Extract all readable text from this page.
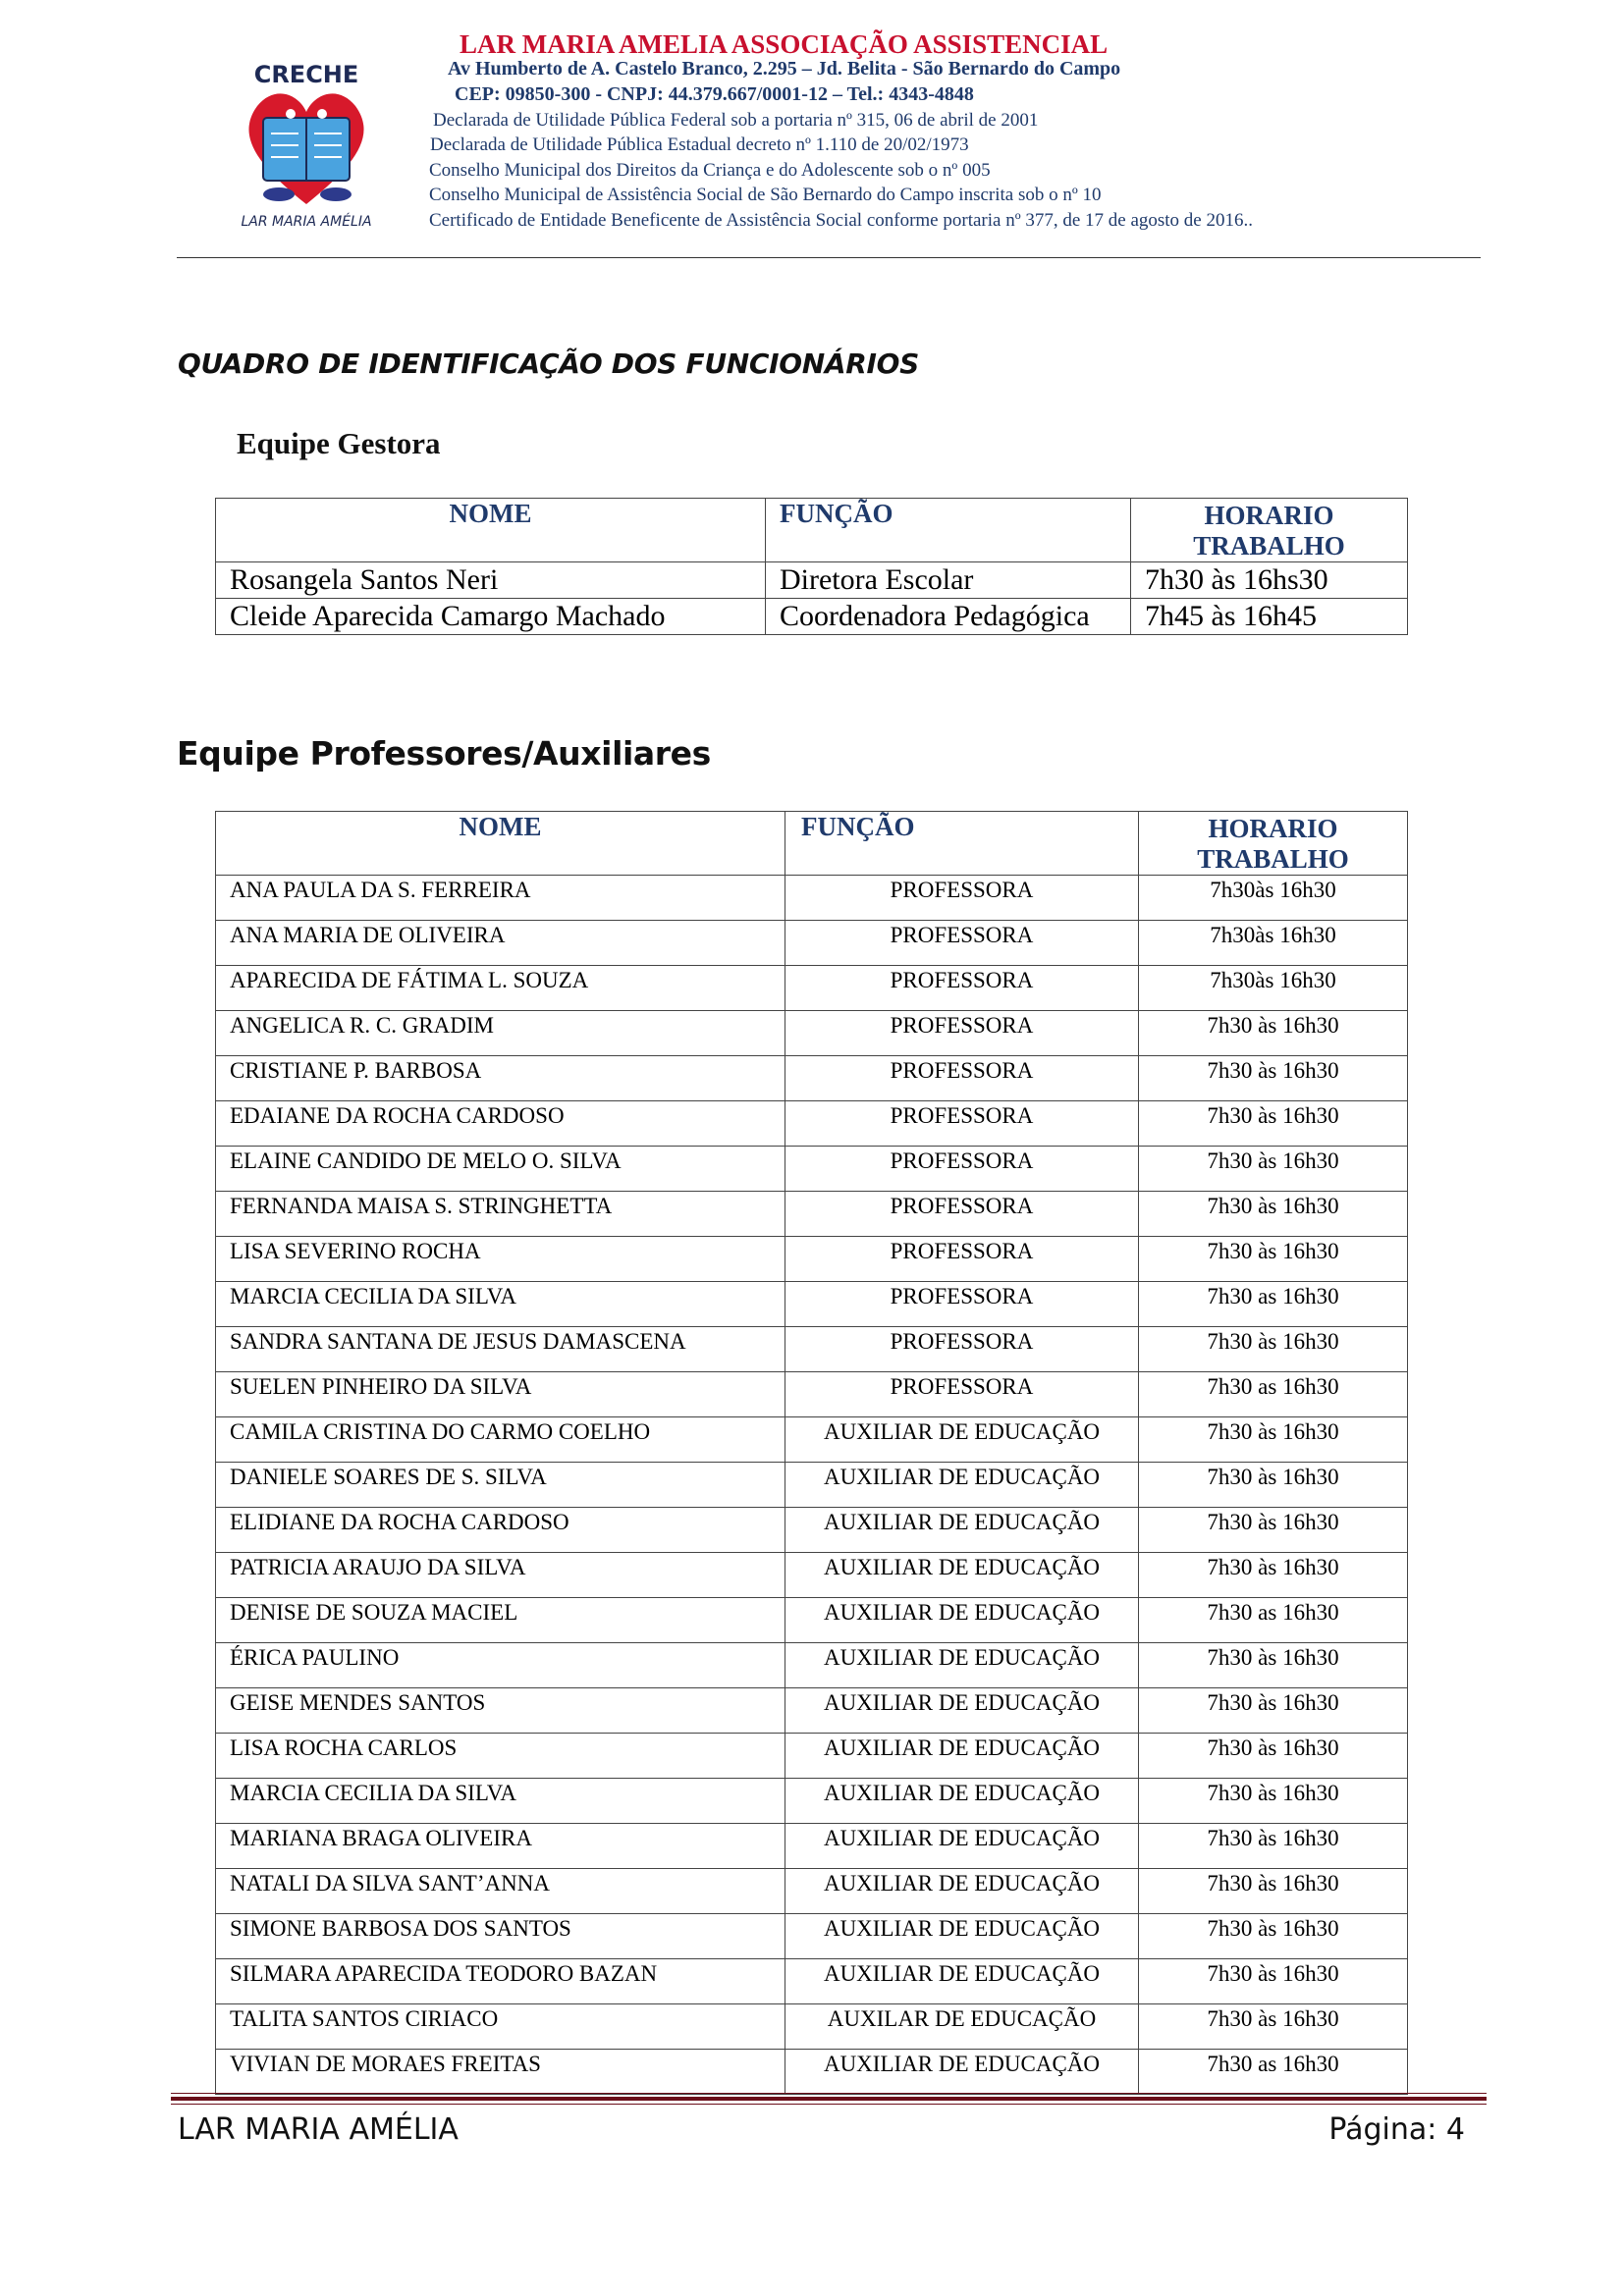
CRECHE
LAR MARIA AMÉLIA
LAR MARIA AMELIA ASSOCIAÇÃO ASSISTENCIAL
Av Humberto de A. Castelo Branco, 2.295 – Jd. Belita - São Bernardo do Campo
CEP: 09850-300 - CNPJ: 44.379.667/0001-12 – Tel.: 4343-4848
Declarada de Utilidade Pública Federal sob a portaria nº 315, 06 de abril de 2001
Declarada de Utilidade Pública Estadual decreto nº 1.110 de 20/02/1973
Conselho Municipal dos Direitos da Criança e do Adolescente sob o nº 005
Conselho Municipal de Assistência Social de São Bernardo do Campo inscrita sob o nº 10
Certificado de Entidade Beneficente de Assistência Social conforme portaria nº 377, de 17 de agosto de 2016..
QUADRO DE IDENTIFICAÇÃO DOS FUNCIONÁRIOS
Equipe Gestora
NOME	FUNÇÃO	HORARIO
TRABALHO

Rosangela Santos Neri	Diretora Escolar	7h30 às 16hs30
Cleide Aparecida Camargo Machado	Coordenadora Pedagógica	7h45 às 16h45
Equipe Professores/Auxiliares
NOME	FUNÇÃO	HORARIO
TRABALHO

ANA PAULA DA S. FERREIRA	PROFESSORA	7h30às 16h30
ANA MARIA DE OLIVEIRA	PROFESSORA	7h30às 16h30
APARECIDA DE FÁTIMA L. SOUZA	PROFESSORA	7h30às 16h30
ANGELICA R. C. GRADIM	PROFESSORA	7h30 às 16h30
CRISTIANE P. BARBOSA	PROFESSORA	7h30 às 16h30
EDAIANE DA ROCHA CARDOSO	PROFESSORA	7h30 às 16h30
ELAINE CANDIDO DE MELO O. SILVA	PROFESSORA	7h30 às 16h30
FERNANDA MAISA S. STRINGHETTA	PROFESSORA	7h30 às 16h30
LISA SEVERINO ROCHA	PROFESSORA	7h30 às 16h30
MARCIA CECILIA DA SILVA	PROFESSORA	7h30 as 16h30
SANDRA SANTANA DE JESUS DAMASCENA	PROFESSORA	7h30 às 16h30
SUELEN PINHEIRO DA SILVA	PROFESSORA	7h30 as 16h30
CAMILA CRISTINA DO CARMO COELHO	AUXILIAR DE EDUCAÇÃO	7h30 às 16h30
DANIELE SOARES DE S. SILVA	AUXILIAR DE EDUCAÇÃO	7h30 às 16h30
ELIDIANE DA ROCHA CARDOSO	AUXILIAR DE EDUCAÇÃO	7h30 às 16h30
PATRICIA ARAUJO DA SILVA	AUXILIAR DE EDUCAÇÃO	7h30 às 16h30
DENISE DE SOUZA MACIEL	AUXILIAR DE EDUCAÇÃO	7h30 as 16h30
ÉRICA PAULINO	AUXILIAR DE EDUCAÇÃO	7h30 às 16h30
GEISE MENDES SANTOS	AUXILIAR DE EDUCAÇÃO	7h30 às 16h30
LISA ROCHA CARLOS	AUXILIAR DE EDUCAÇÃO	7h30 às 16h30
MARCIA CECILIA DA SILVA	AUXILIAR DE EDUCAÇÃO	7h30 às 16h30
MARIANA BRAGA OLIVEIRA	AUXILIAR DE EDUCAÇÃO	7h30 às 16h30
NATALI DA SILVA SANT’ANNA	AUXILIAR DE EDUCAÇÃO	7h30 às 16h30
SIMONE BARBOSA DOS SANTOS	AUXILIAR DE EDUCAÇÃO	7h30 às 16h30
SILMARA APARECIDA TEODORO BAZAN	AUXILIAR DE EDUCAÇÃO	7h30 às 16h30
TALITA SANTOS CIRIACO	AUXILAR DE EDUCAÇÃO	7h30 às 16h30
VIVIAN DE MORAES FREITAS	AUXILIAR DE EDUCAÇÃO	7h30 as 16h30
LAR MARIA AMÉLIA	Página: 4
